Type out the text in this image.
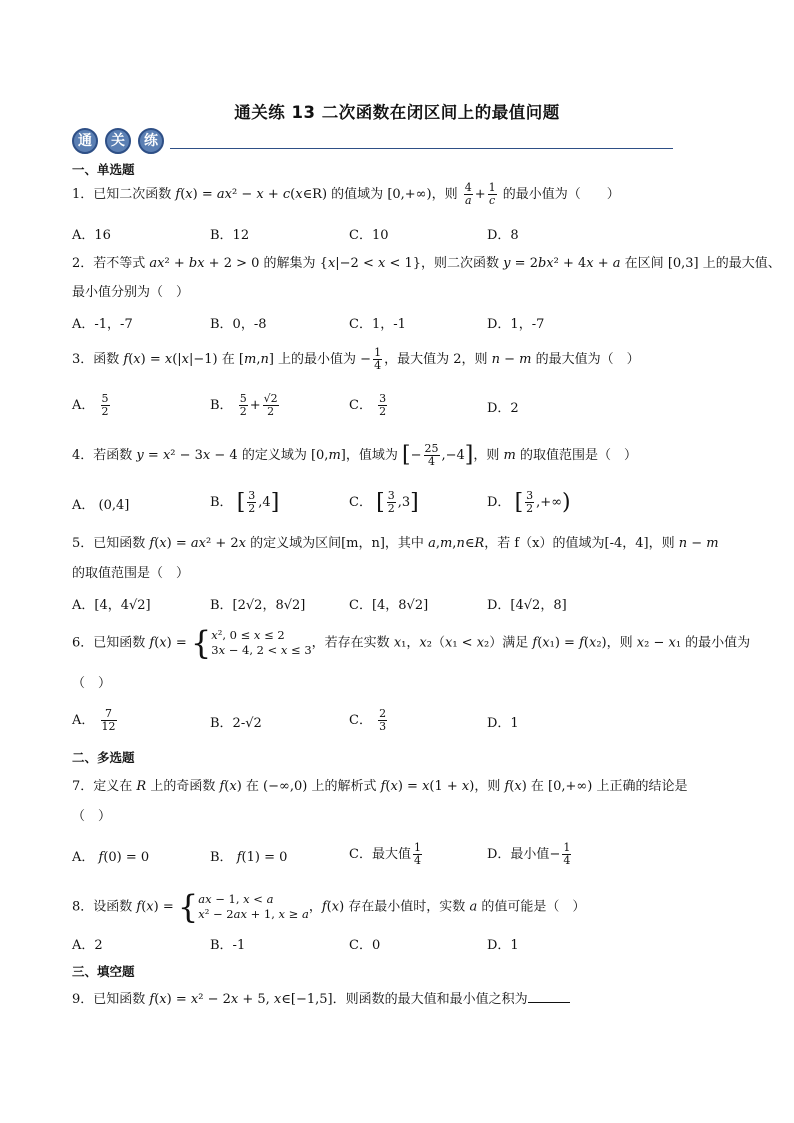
通关练 13 二次函数在闭区间上的最值问题
通	关	练
一、单选题
1．已知二次函数 f(x) = ax² − x + c(x∈R) 的值域为 [0,+∞)，则 $\frac{4}{a} + \frac{1}{c}$ 的最小值为（　　）
A．16	B．12	C．10	D．8
2．若不等式 ax² + bx + 2 > 0 的解集为 {x|−2 < x < 1}，则二次函数 y = 2bx² + 4x + a 在区间 [0,3] 上的最大值、
最小值分别为（　）
A．-1，-7	B．0，-8	C．1，-1	D．1，-7
3．函数 f(x) = x(|x|−1) 在 [m,n] 上的最小值为 − $\frac{1}{4}$ ，最大值为 2，则 n − m 的最大值为（　）
A． $\frac{5}{2}$	B． $\frac{5}{2} + \frac{√2}{2}$	C． $\frac{3}{2}$	D．2
4．若函数 y = x² − 3x − 4 的定义域为 [0,m]，值域为 [− $\frac{25}{4} ,-4$]，则 m 的取值范围是（　）
A． (0,4]	B． [ $\frac{3}{2} ,4$]	C． [ $\frac{3}{2} ,3$]	D． [ $\frac{3}{2}$ ,+∞)
5．已知函数 f(x) = ax² + 2x 的定义域为区间[m，n]，其中 a,m,n∈R，若 f（x）的值域为[-4，4]，则 n − m
的取值范围是（　）
A．[4，4√2]	B．[2√2，8√2]	C．[4，8√2]	D．[4√2，8]
6．已知函数 f(x) = {x², 0 ≤ x ≤ 2
3x − 4, 2 < x ≤ 3，若存在实数 x₁，x₂（x₁ < x₂）满足 f(x₁) = f(x₂)，则 x₂ − x₁ 的最小值为
（　）
A． $\frac{7}{12}$	B．2-√2	C． $\frac{2}{3}$	D．1
二、多选题
7．定义在 R 上的奇函数 f(x) 在 (−∞,0) 上的解析式 f(x) = x(1 + x)，则 f(x) 在 [0,+∞) 上正确的结论是
（　）
A． f(0) = 0	B． f(1) = 0	C．最大值 $\frac{1}{4}$	D．最小值− $\frac{1}{4}$
8．设函数 f(x) = {ax − 1, x < a
x² − 2ax + 1, x ≥ a，f(x) 存在最小值时，实数 a 的值可能是（　）
A．2	B．-1	C．0	D．1
三、填空题
9．已知函数 f(x) = x² − 2x + 5, x∈[−1,5]．则函数的最大值和最小值之积为
